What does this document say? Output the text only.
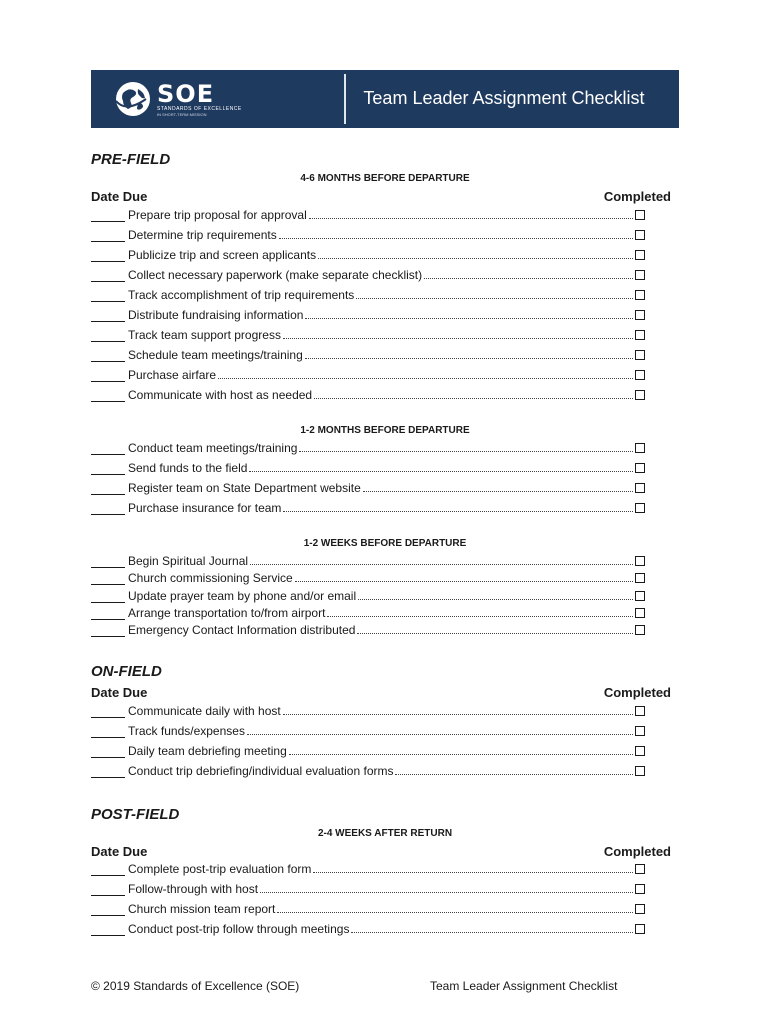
SOE
STANDARDS OF EXCELLENCE
IN SHORT-TERM MISSION
Team Leader Assignment Checklist
PRE-FIELD
4-6 MONTHS BEFORE DEPARTURE
Date Due	Completed
Prepare trip proposal for approval
Determine trip requirements
Publicize trip and screen applicants
Collect necessary paperwork (make separate checklist)
Track accomplishment of trip requirements
Distribute fundraising information
Track team support progress
Schedule team meetings/training
Purchase airfare
Communicate with host as needed
1-2 MONTHS BEFORE DEPARTURE
Conduct team meetings/training
Send funds to the field
Register team on State Department website
Purchase insurance for team
1-2 WEEKS BEFORE DEPARTURE
Begin Spiritual Journal
Church commissioning Service
Update prayer team by phone and/or email
Arrange transportation to/from airport
Emergency Contact Information distributed
ON-FIELD
Date Due	Completed
Communicate daily with host
Track funds/expenses
Daily team debriefing meeting
Conduct trip debriefing/individual evaluation forms
POST-FIELD
2-4 WEEKS AFTER RETURN
Date Due	Completed
Complete post-trip evaluation form
Follow-through with host
Church mission team report
Conduct post-trip follow through meetings
© 2019 Standards of Excellence (SOE)	Team Leader Assignment Checklist
